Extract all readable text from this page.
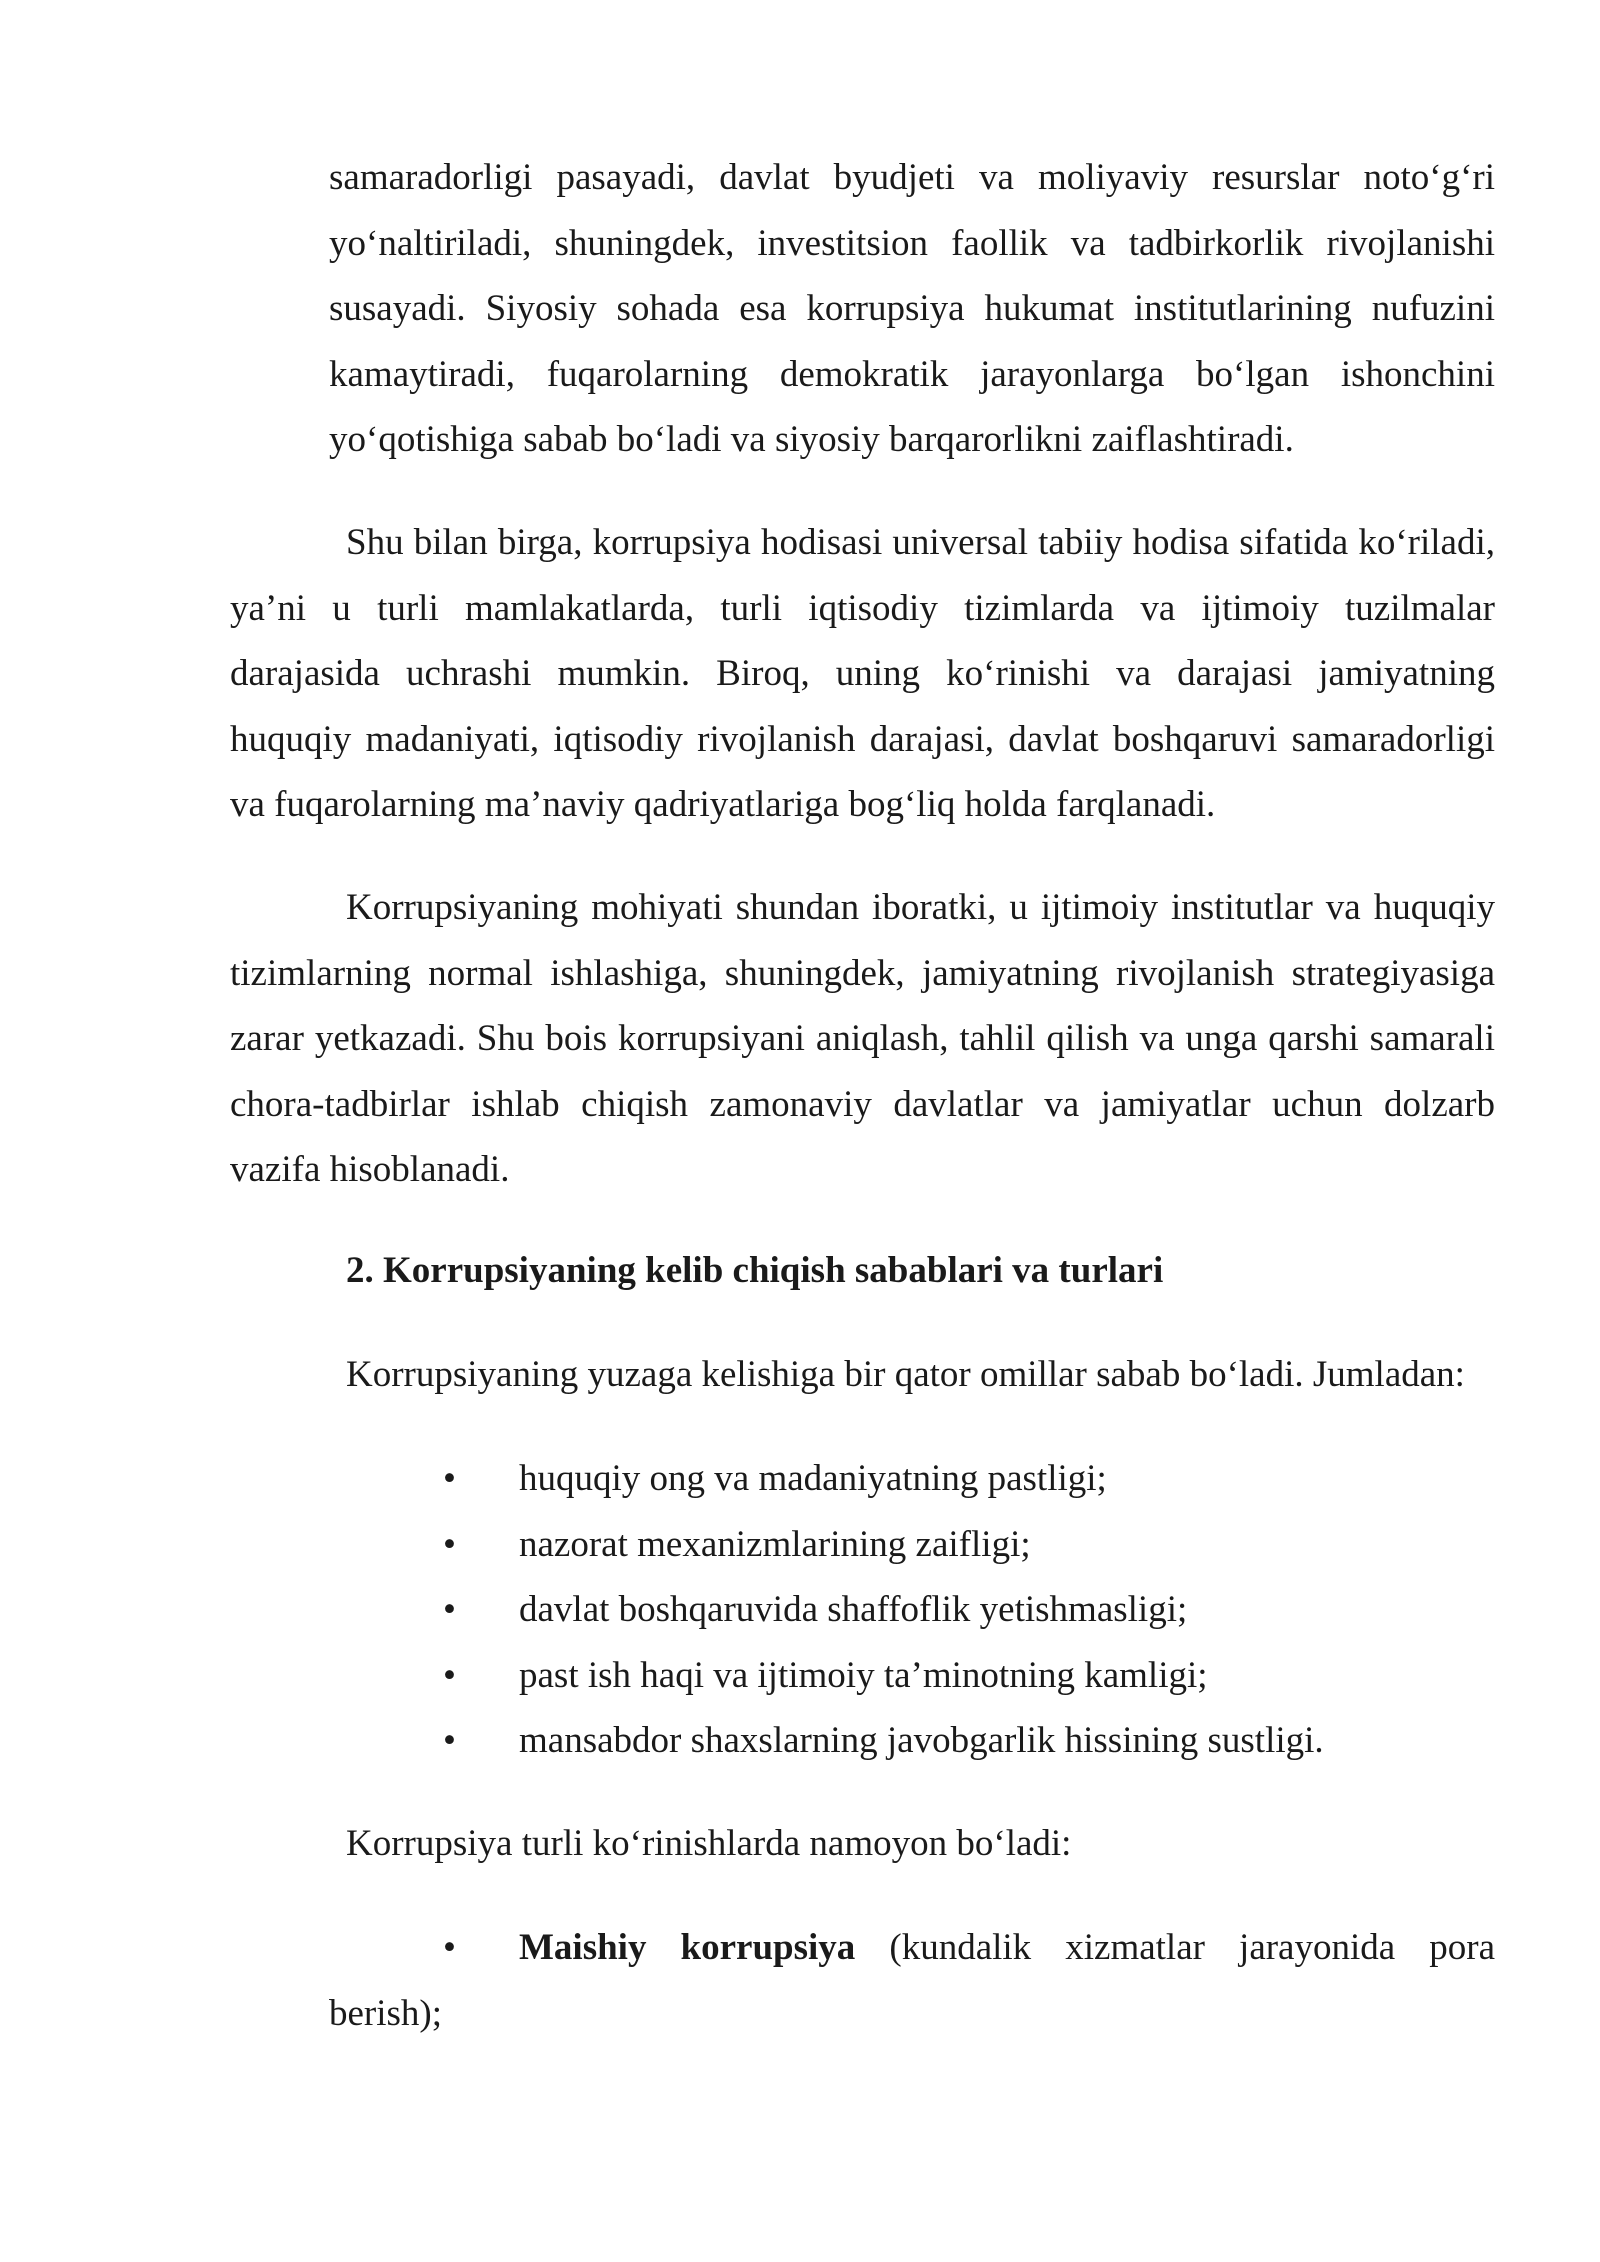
samaradorligi pasayadi, davlat byudjeti va moliyaviy resurslar noto‘g‘ri
yo‘naltiriladi, shuningdek, investitsion faollik va tadbirkorlik rivojlanishi
susayadi. Siyosiy sohada esa korrupsiya hukumat institutlarining nufuzini
kamaytiradi, fuqarolarning demokratik jarayonlarga bo‘lgan ishonchini
yo‘qotishiga sabab bo‘ladi va siyosiy barqarorlikni zaiflashtiradi.
Shu bilan birga, korrupsiya hodisasi universal tabiiy hodisa sifatida ko‘riladi,
ya’ni u turli mamlakatlarda, turli iqtisodiy tizimlarda va ijtimoiy tuzilmalar
darajasida uchrashi mumkin. Biroq, uning ko‘rinishi va darajasi jamiyatning
huquqiy madaniyati, iqtisodiy rivojlanish darajasi, davlat boshqaruvi samaradorligi
va fuqarolarning ma’naviy qadriyatlariga bog‘liq holda farqlanadi.
Korrupsiyaning mohiyati shundan iboratki, u ijtimoiy institutlar va huquqiy
tizimlarning normal ishlashiga, shuningdek, jamiyatning rivojlanish strategiyasiga
zarar yetkazadi. Shu bois korrupsiyani aniqlash, tahlil qilish va unga qarshi samarali
chora-tadbirlar ishlab chiqish zamonaviy davlatlar va jamiyatlar uchun dolzarb
vazifa hisoblanadi.
2. Korrupsiyaning kelib chiqish sabablari va turlari
Korrupsiyaning yuzaga kelishiga bir qator omillar sabab bo‘ladi. Jumladan:
•	huquqiy ong va madaniyatning pastligi;
•	nazorat mexanizmlarining zaifligi;
•	davlat boshqaruvida shaffoflik yetishmasligi;
•	past ish haqi va ijtimoiy ta’minotning kamligi;
•	mansabdor shaxslarning javobgarlik hissining sustligi.
Korrupsiya turli ko‘rinishlarda namoyon bo‘ladi:
• Maishiy korrupsiya (kundalik xizmatlar jarayonida pora
berish);
